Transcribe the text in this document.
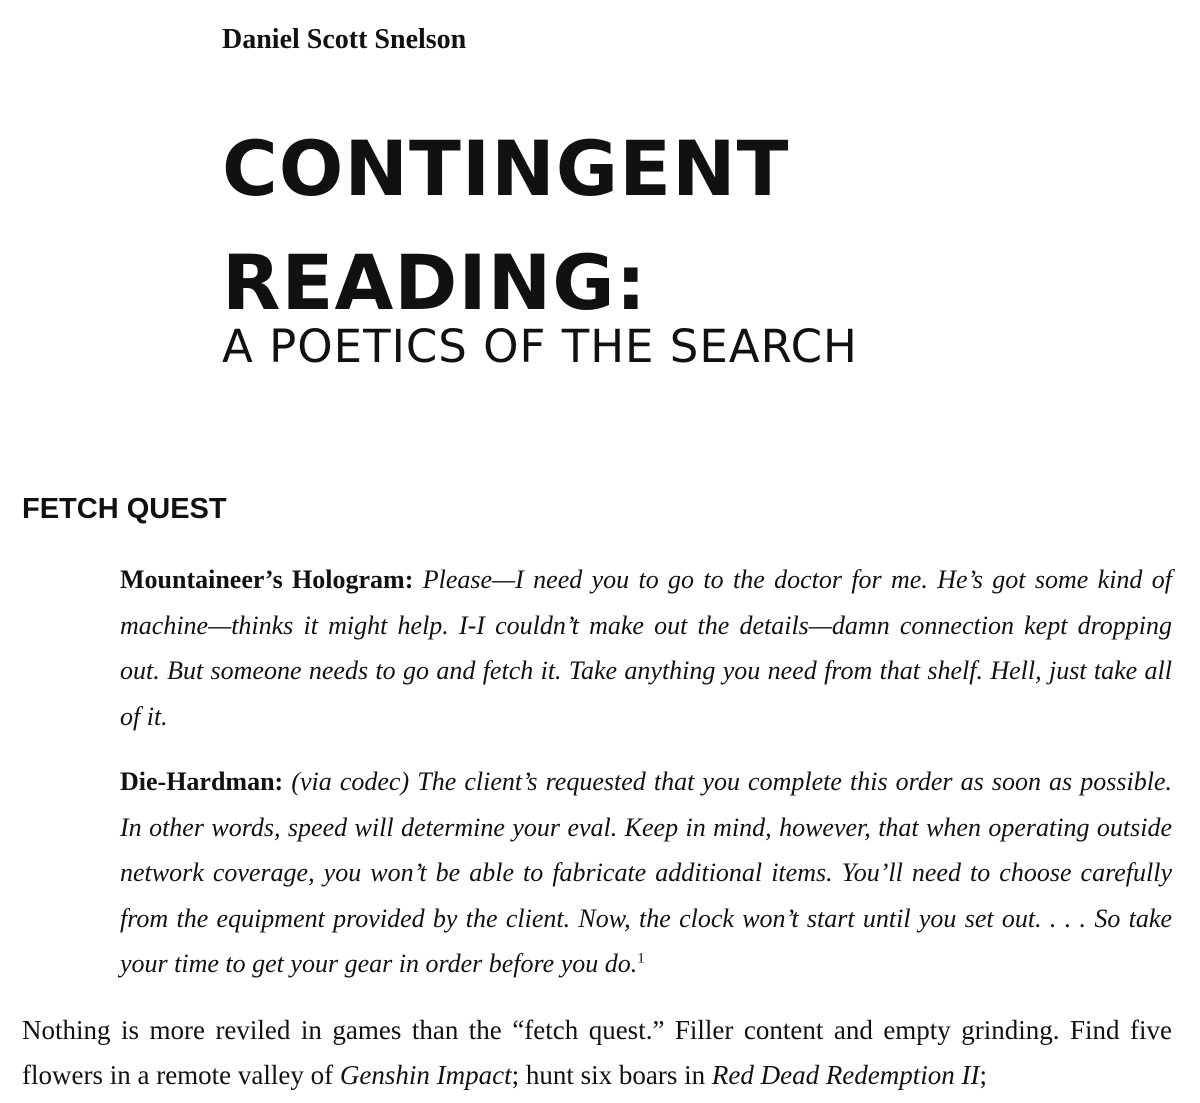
Daniel Scott Snelson
CONTINGENT
READING:
A POETICS OF THE SEARCH
FETCH QUEST

Mountaineer’s Hologram: Please—I need you to go to the doctor for me. He’s got some kind of machine—thinks it might help. I-I couldn’t make out the details—damn connection kept dropping out. But someone needs to go and fetch it. Take anything you need from that shelf. Hell, just take all of it.

Die-Hardman: (via codec) The client’s requested that you complete this order as soon as possible. In other words, speed will determine your eval. Keep in mind, however, that when operating outside network coverage, you won’t be able to fabricate additional items. You’ll need to choose carefully from the equipment provided by the client. Now, the clock won’t start until you set out. . . . So take your time to get your gear in order before you do.$^1$

Nothing is more reviled in games than the “fetch quest.” Filler content and empty grinding. Find five flowers in a remote valley of Genshin Impact; hunt six boars in Red Dead Redemption II;
